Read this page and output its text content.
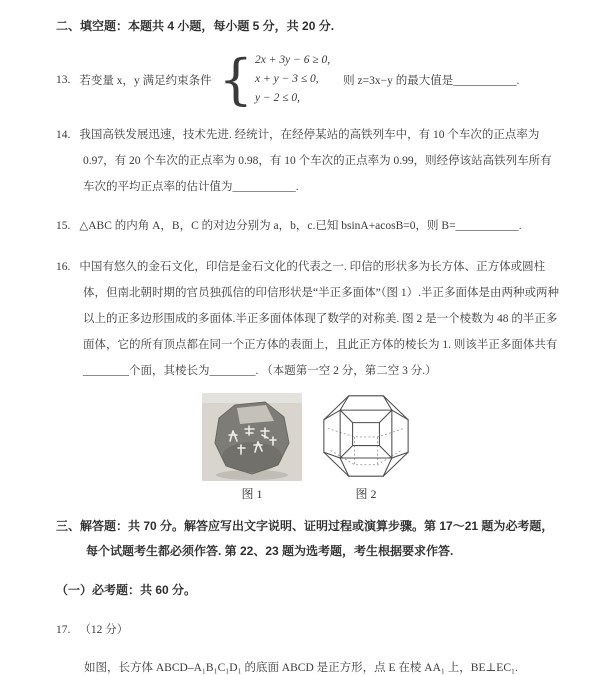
二、填空题：本题共 4 小题，每小题 5 分，共 20 分.
13. 若变量 x，y 满足约束条件 { 2x + 3y − 6 ≥ 0,
x + y − 3 ≤ 0,
y − 2 ≤ 0,
则 z=3x−y 的最大值是___________.
14. 我国高铁发展迅速，技术先进. 经统计，在经停某站的高铁列车中，有 10 个车次的正点率为 0.97，有 20 个车次的正点率为 0.98，有 10 个车次的正点率为 0.99，则经停该站高铁列车所有车次的平均正点率的估计值为___________.
15. △ABC 的内角 A，B，C 的对边分别为 a，b，c.已知 bsinA+acosB=0，则 B=___________.
16. 中国有悠久的金石文化，印信是金石文化的代表之一. 印信的形状多为长方体、正方体或圆柱体，但南北朝时期的官员独孤信的印信形状是“半正多面体”（图 1）.半正多面体是由两种或两种以上的正多边形围成的多面体.半正多面体体现了数学的对称美. 图 2 是一个棱数为 48 的半正多面体，它的所有顶点都在同一个正方体的表面上，且此正方体的棱长为 1. 则该半正多面体共有________个面，其棱长为________. （本题第一空 2 分，第二空 3 分.）
图 1	图 2
三、解答题：共 70 分。解答应写出文字说明、证明过程或演算步骤。第 17～21 题为必考题，每个试题考生都必须作答. 第 22、23 题为选考题，考生根据要求作答.
（一）必考题：共 60 分。
17. （12 分）
如图，长方体 ABCD–A₁B₁C₁D₁ 的底面 ABCD 是正方形，点 E 在棱 AA₁ 上，BE⊥EC₁.
